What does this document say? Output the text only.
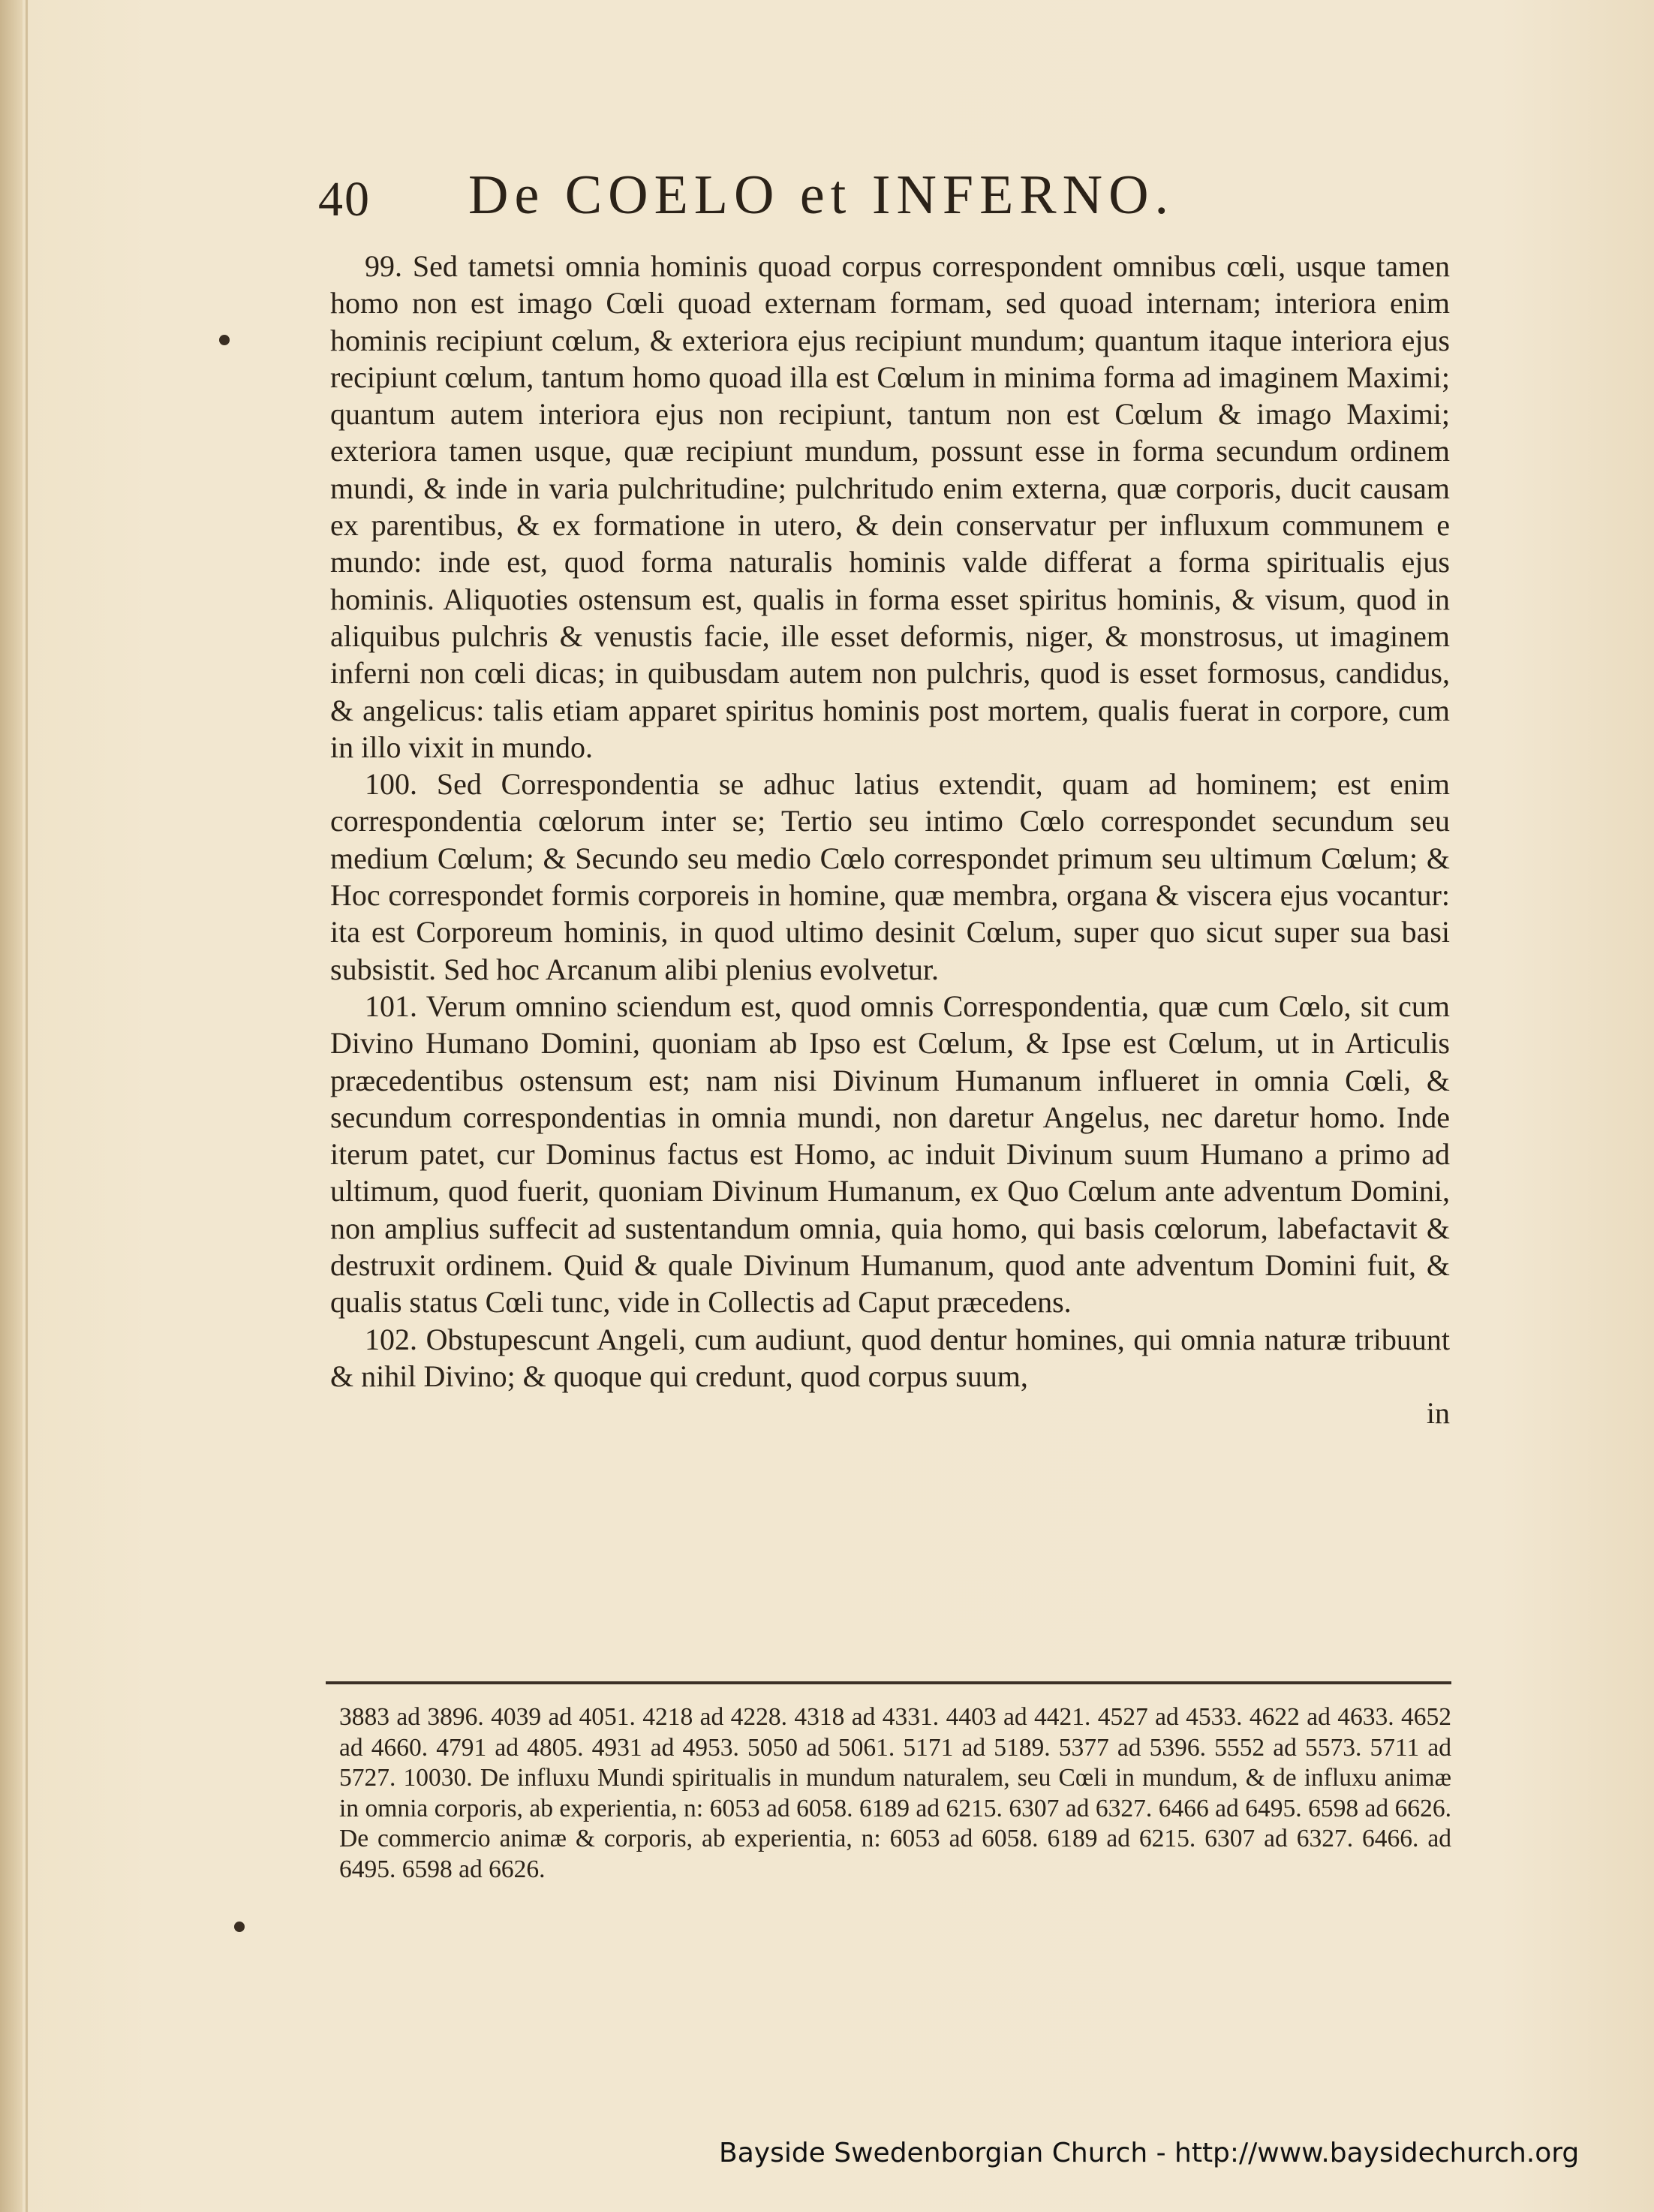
40 De COELO et INFERNO.

99. Sed tametsi omnia hominis quoad corpus correspondent omnibus cœli, usque tamen homo non est imago Cœli quoad externam formam, sed quoad internam; interiora enim hominis recipiunt cœlum, & exteriora ejus recipiunt mundum; quantum itaque interiora ejus recipiunt cœlum, tantum homo quoad illa est Cœlum in minima forma ad imaginem Maximi; quantum autem interiora ejus non recipiunt, tantum non est Cœlum & imago Maximi; exteriora tamen usque, quæ recipiunt mundum, possunt esse in forma secundum ordinem mundi, & inde in varia pulchritudine; pulchritudo enim externa, quæ corporis, ducit causam ex parentibus, & ex formatione in utero, & dein conservatur per influxum communem e mundo: inde est, quod forma naturalis hominis valde differat a forma spiritualis ejus hominis. Aliquoties ostensum est, qualis in forma esset spiritus hominis, & visum, quod in aliquibus pulchris & venustis facie, ille esset deformis, niger, & monstrosus, ut imaginem inferni non cœli dicas; in quibusdam autem non pulchris, quod is esset formosus, candidus, & angelicus: talis etiam apparet spiritus hominis post mortem, qualis fuerat in corpore, cum in illo vixit in mundo.

100. Sed Correspondentia se adhuc latius extendit, quam ad hominem; est enim correspondentia cœlorum inter se; Tertio seu intimo Cœlo correspondet secundum seu medium Cœlum; & Secundo seu medio Cœlo correspondet primum seu ultimum Cœlum; & Hoc correspondet formis corporeis in homine, quæ membra, organa & viscera ejus vocantur: ita est Corporeum hominis, in quod ultimo desinit Cœlum, super quo sicut super sua basi subsistit. Sed hoc Arcanum alibi plenius evolvetur.

101. Verum omnino sciendum est, quod omnis Correspondentia, quæ cum Cœlo, sit cum Divino Humano Domini, quoniam ab Ipso est Cœlum, & Ipse est Cœlum, ut in Articulis præcedentibus ostensum est; nam nisi Divinum Humanum influeret in omnia Cœli, & secundum correspondentias in omnia mundi, non daretur Angelus, nec daretur homo. Inde iterum patet, cur Dominus factus est Homo, ac induit Divinum suum Humano a primo ad ultimum, quod fuerit, quoniam Divinum Humanum, ex Quo Cœlum ante adventum Domini, non amplius suffecit ad sustentandum omnia, quia homo, qui basis cœlorum, labefactavit & destruxit ordinem. Quid & quale Divinum Humanum, quod ante adventum Domini fuit, & qualis status Cœli tunc, vide in Collectis ad Caput præcedens.

102. Obstupescunt Angeli, cum audiunt, quod dentur homines, qui omnia naturæ tribuunt & nihil Divino; & quoque qui credunt, quod corpus suum,

in

3883 ad 3896. 4039 ad 4051. 4218 ad 4228. 4318 ad 4331. 4403 ad 4421. 4527 ad 4533. 4622 ad 4633. 4652 ad 4660. 4791 ad 4805. 4931 ad 4953. 5050 ad 5061. 5171 ad 5189. 5377 ad 5396. 5552 ad 5573. 5711 ad 5727. 10030. De influxu Mundi spiritualis in mundum naturalem, seu Cœli in mundum, & de influxu animæ in omnia corporis, ab experientia, n: 6053 ad 6058. 6189 ad 6215. 6307 ad 6327. 6466 ad 6495. 6598 ad 6626. De commercio animæ & corporis, ab experientia, n: 6053 ad 6058. 6189 ad 6215. 6307 ad 6327. 6466. ad 6495. 6598 ad 6626.

Bayside Swedenborgian Church - http://www.baysidechurch.org
